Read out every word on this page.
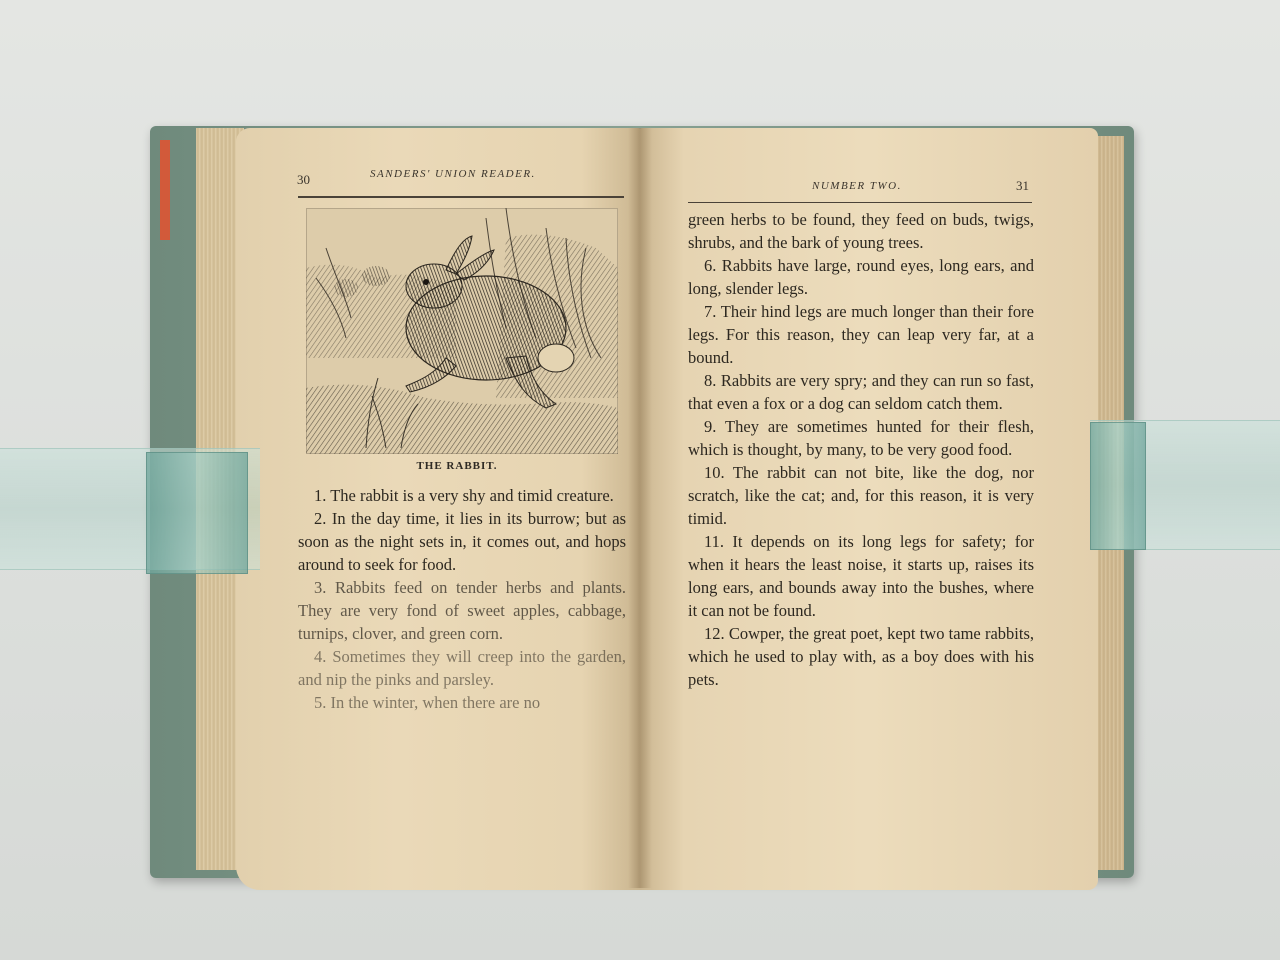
30	SANDERS' UNION READER.
THE RABBIT.

1. The rabbit is a very shy and timid creature.

2. In the day time, it lies in its burrow; but as soon as the night sets in, it comes out, and hops around to seek for food.

3. Rabbits feed on tender herbs and plants. They are very fond of sweet apples, cabbage, turnips, clover, and green corn.

4. Sometimes they will creep into the garden, and nip the pinks and parsley.

5. In the winter, when there are no

NUMBER TWO.	31

green herbs to be found, they feed on buds, twigs, shrubs, and the bark of young trees.

6. Rabbits have large, round eyes, long ears, and long, slender legs.

7. Their hind legs are much longer than their fore legs. For this reason, they can leap very far, at a bound.

8. Rabbits are very spry; and they can run so fast, that even a fox or a dog can seldom catch them.

9. They are sometimes hunted for their flesh, which is thought, by many, to be very good food.

10. The rabbit can not bite, like the dog, nor scratch, like the cat; and, for this reason, it is very timid.

11. It depends on its long legs for safety; for when it hears the least noise, it starts up, raises its long ears, and bounds away into the bushes, where it can not be found.

12. Cowper, the great poet, kept two tame rabbits, which he used to play with, as a boy does with his pets.
